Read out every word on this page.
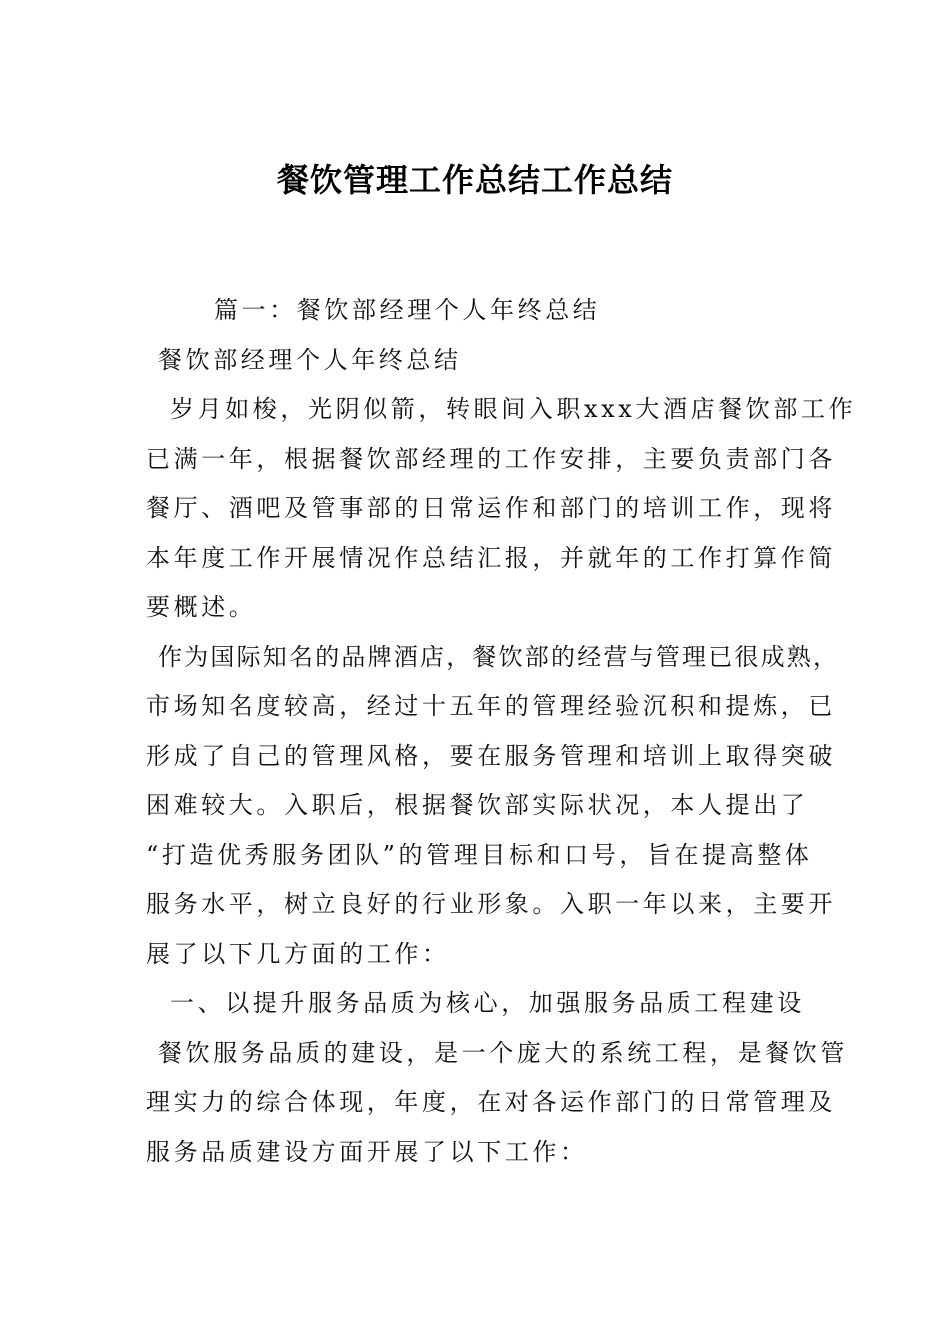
餐饮管理工作总结工作总结
篇一：餐饮部经理个人年终总结
餐饮部经理个人年终总结
岁月如梭，光阴似箭，转眼间入职xxx大酒店餐饮部工作
已满一年，根据餐饮部经理的工作安排，主要负责部门各
餐厅、酒吧及管事部的日常运作和部门的培训工作，现将
本年度工作开展情况作总结汇报，并就年的工作打算作简
要概述。
作为国际知名的品牌酒店，餐饮部的经营与管理已很成熟，
市场知名度较高，经过十五年的管理经验沉积和提炼，已
形成了自己的管理风格，要在服务管理和培训上取得突破
困难较大。入职后，根据餐饮部实际状况，本人提出了
“打造优秀服务团队”的管理目标和口号，旨在提高整体
服务水平，树立良好的行业形象。入职一年以来，主要开
展了以下几方面的工作：
一、以提升服务品质为核心，加强服务品质工程建设
餐饮服务品质的建设，是一个庞大的系统工程，是餐饮管
理实力的综合体现，年度，在对各运作部门的日常管理及
服务品质建设方面开展了以下工作：
